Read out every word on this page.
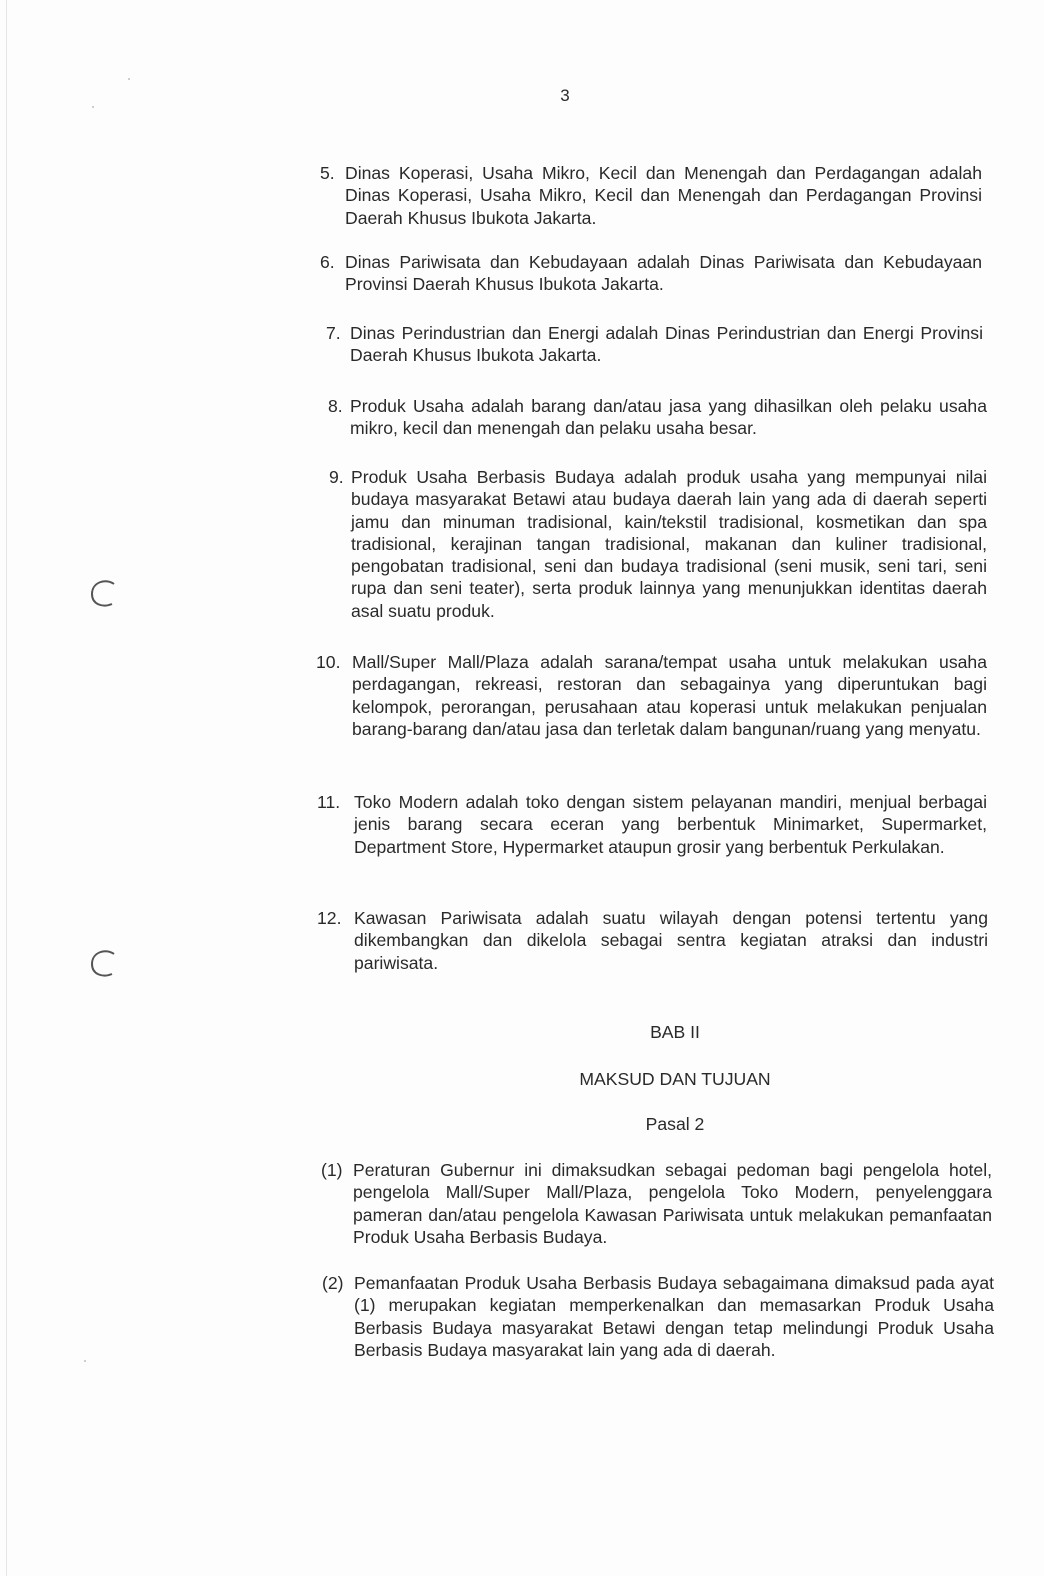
3
5. Dinas Koperasi, Usaha Mikro, Kecil dan Menengah dan Perdagangan adalah Dinas Koperasi, Usaha Mikro, Kecil dan Menengah dan Perdagangan Provinsi Daerah Khusus Ibukota Jakarta.
6. Dinas Pariwisata dan Kebudayaan adalah Dinas Pariwisata dan Kebudayaan Provinsi Daerah Khusus Ibukota Jakarta.
7. Dinas Perindustrian dan Energi adalah Dinas Perindustrian dan Energi Provinsi Daerah Khusus Ibukota Jakarta.
8. Produk Usaha adalah barang dan/atau jasa yang dihasilkan oleh pelaku usaha mikro, kecil dan menengah dan pelaku usaha besar.
9. Produk Usaha Berbasis Budaya adalah produk usaha yang mempunyai nilai budaya masyarakat Betawi atau budaya daerah lain yang ada di daerah seperti jamu dan minuman tradisional, kain/tekstil tradisional, kosmetikan dan spa tradisional, kerajinan tangan tradisional, makanan dan kuliner tradisional, pengobatan tradisional, seni dan budaya tradisional (seni musik, seni tari, seni rupa dan seni teater), serta produk lainnya yang menunjukkan identitas daerah asal suatu produk.
10. Mall/Super Mall/Plaza adalah sarana/tempat usaha untuk melakukan usaha perdagangan, rekreasi, restoran dan sebagainya yang diperuntukan bagi kelompok, perorangan, perusahaan atau koperasi untuk melakukan penjualan barang-barang dan/atau jasa dan terletak dalam bangunan/ruang yang menyatu.
11. Toko Modern adalah toko dengan sistem pelayanan mandiri, menjual berbagai jenis barang secara eceran yang berbentuk Minimarket, Supermarket, Department Store, Hypermarket ataupun grosir yang berbentuk Perkulakan.
12. Kawasan Pariwisata adalah suatu wilayah dengan potensi tertentu yang dikembangkan dan dikelola sebagai sentra kegiatan atraksi dan industri pariwisata.
BAB II
MAKSUD DAN TUJUAN
Pasal 2
(1) Peraturan Gubernur ini dimaksudkan sebagai pedoman bagi pengelola hotel, pengelola Mall/Super Mall/Plaza, pengelola Toko Modern, penyelenggara pameran dan/atau pengelola Kawasan Pariwisata untuk melakukan pemanfaatan Produk Usaha Berbasis Budaya.
(2) Pemanfaatan Produk Usaha Berbasis Budaya sebagaimana dimaksud pada ayat (1) merupakan kegiatan memperkenalkan dan memasarkan Produk Usaha Berbasis Budaya masyarakat Betawi dengan tetap melindungi Produk Usaha Berbasis Budaya masyarakat lain yang ada di daerah.
